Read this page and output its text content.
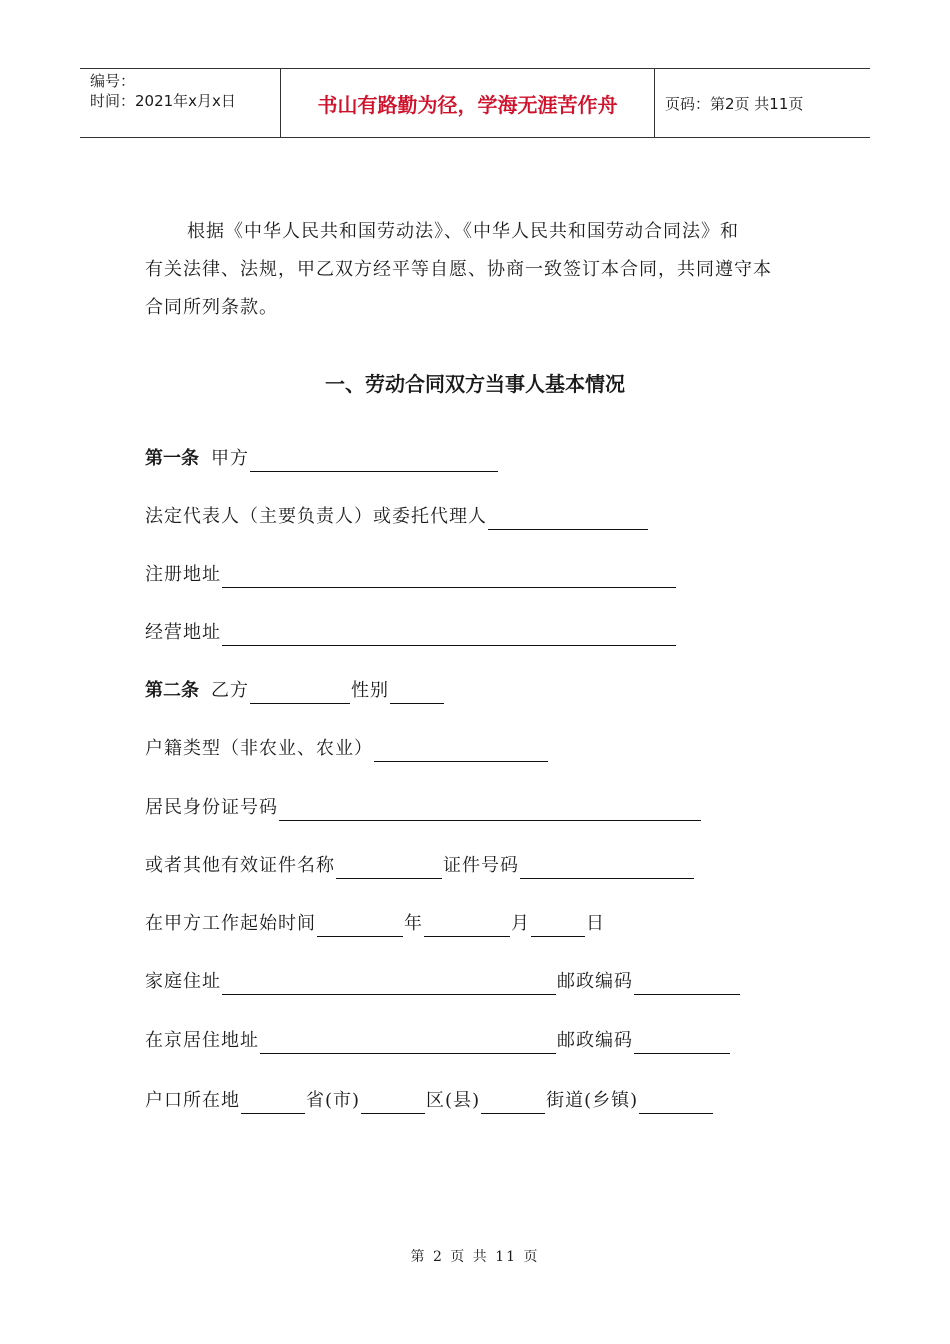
编号：
时间：2021年x月x日	书山有路勤为径，学海无涯苦作舟	页码：第2页 共11页
根据《中华人民共和国劳动法》、《中华人民共和国劳动合同法》和
有关法律、法规，甲乙双方经平等自愿、协商一致签订本合同，共同遵守本
合同所列条款。
一、劳动合同双方当事人基本情况
第一条 甲方
法定代表人（主要负责人）或委托代理人
注册地址
经营地址
第二条 乙方	性别
户籍类型（非农业、农业）
居民身份证号码
或者其他有效证件名称	证件号码
在甲方工作起始时间	年	月	日
家庭住址	邮政编码
在京居住地址	邮政编码
户口所在地	省(市)	区(县)	街道(乡镇)
第 2 页 共 11 页
